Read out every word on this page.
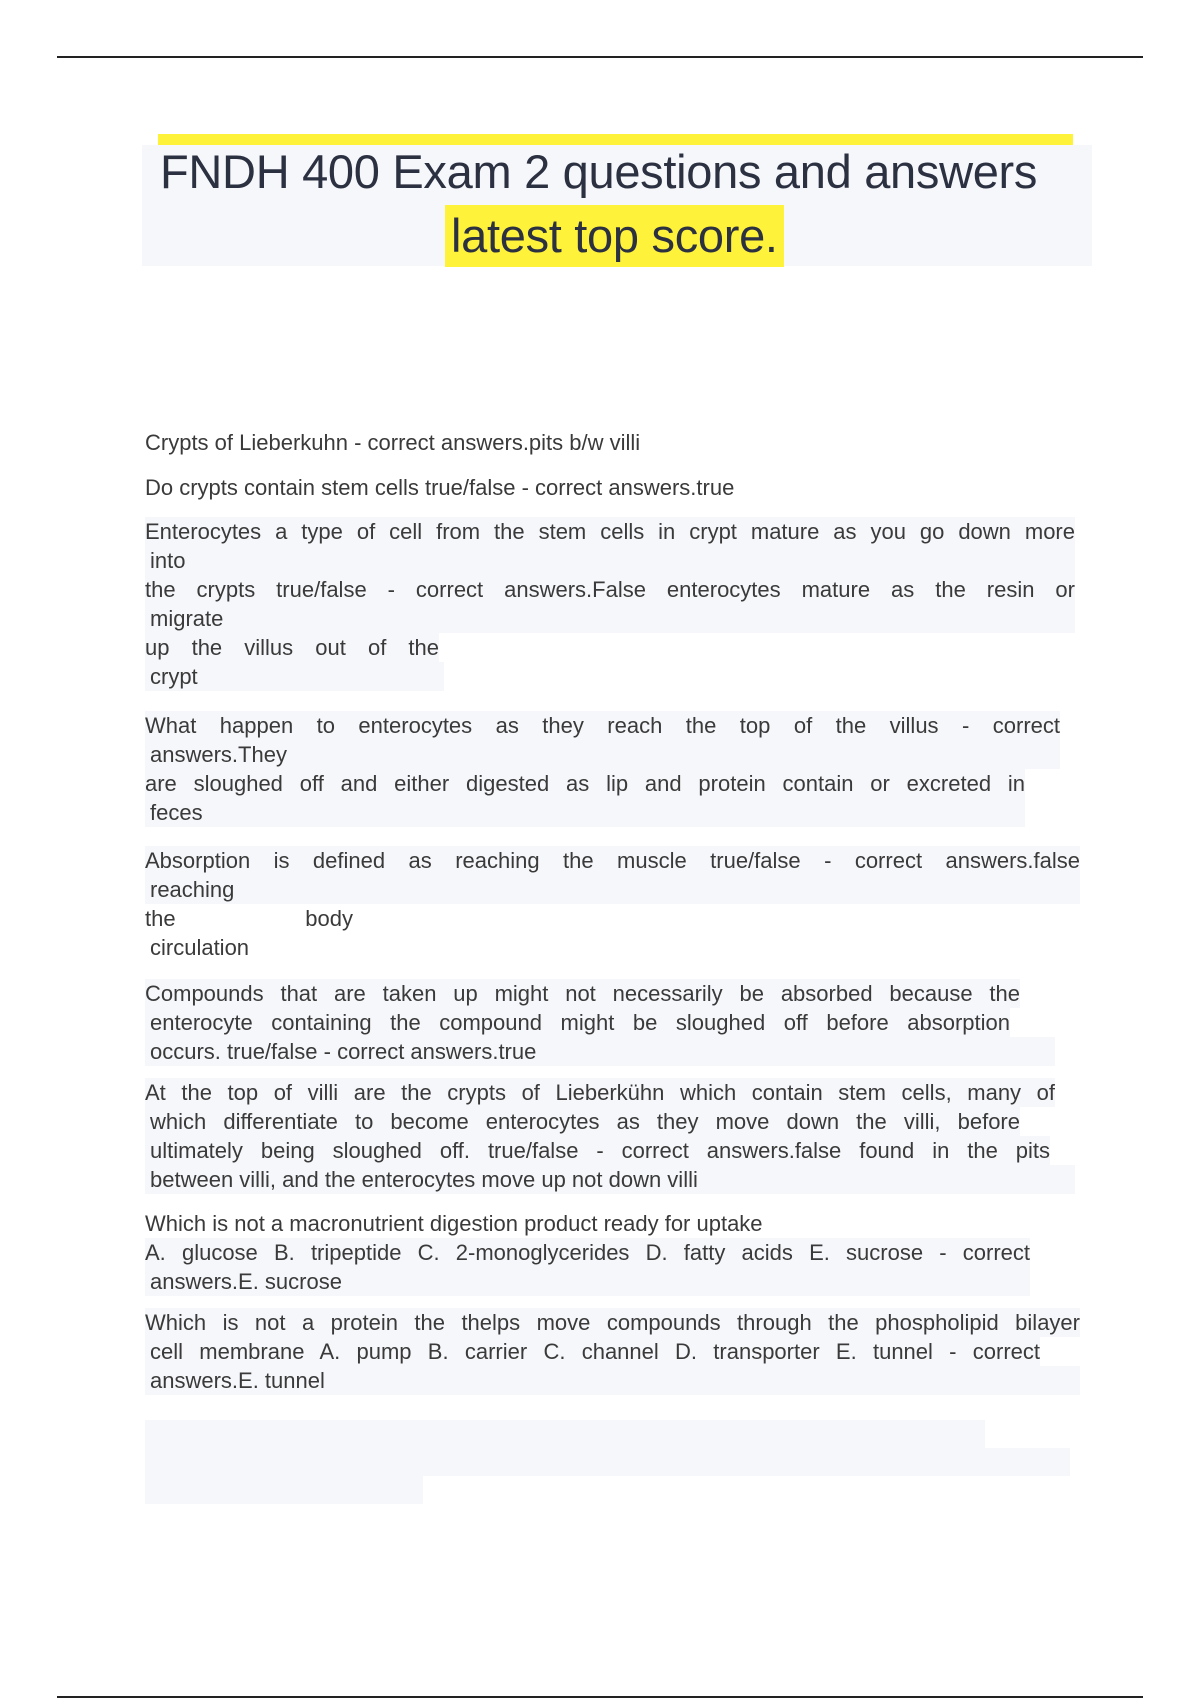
FNDH 400 Exam 2 questions and answers
latest top score.
Crypts of Lieberkuhn - correct answers.pits b/w villi
Do crypts contain stem cells true/false - correct answers.true
Enterocytes a type of cell from the stem cells in crypt mature as you go down more
into
the crypts true/false - correct answers.False enterocytes mature as the resin or
migrate
up the villus out of the
crypt
What happen to enterocytes as they reach the top of the villus - correct
answers.They
are sloughed off and either digested as lip and protein contain or excreted in
feces
Absorption is defined as reaching the muscle true/false - correct answers.false
reaching
the body
circulation
Compounds that are taken up might not necessarily be absorbed because the
enterocyte containing the compound might be sloughed off before absorption
occurs. true/false - correct answers.true
At the top of villi are the crypts of Lieberkühn which contain stem cells, many of
which differentiate to become enterocytes as they move down the villi, before
ultimately being sloughed off. true/false - correct answers.false found in the pits
between villi, and the enterocytes move up not down villi
Which is not a macronutrient digestion product ready for uptake
A. glucose B. tripeptide C. 2-monoglycerides D. fatty acids E. sucrose - correct
answers.E. sucrose
Which is not a protein the thelps move compounds through the phospholipid bilayer
cell membrane A. pump B. carrier C. channel D. transporter E. tunnel - correct
answers.E. tunnel
